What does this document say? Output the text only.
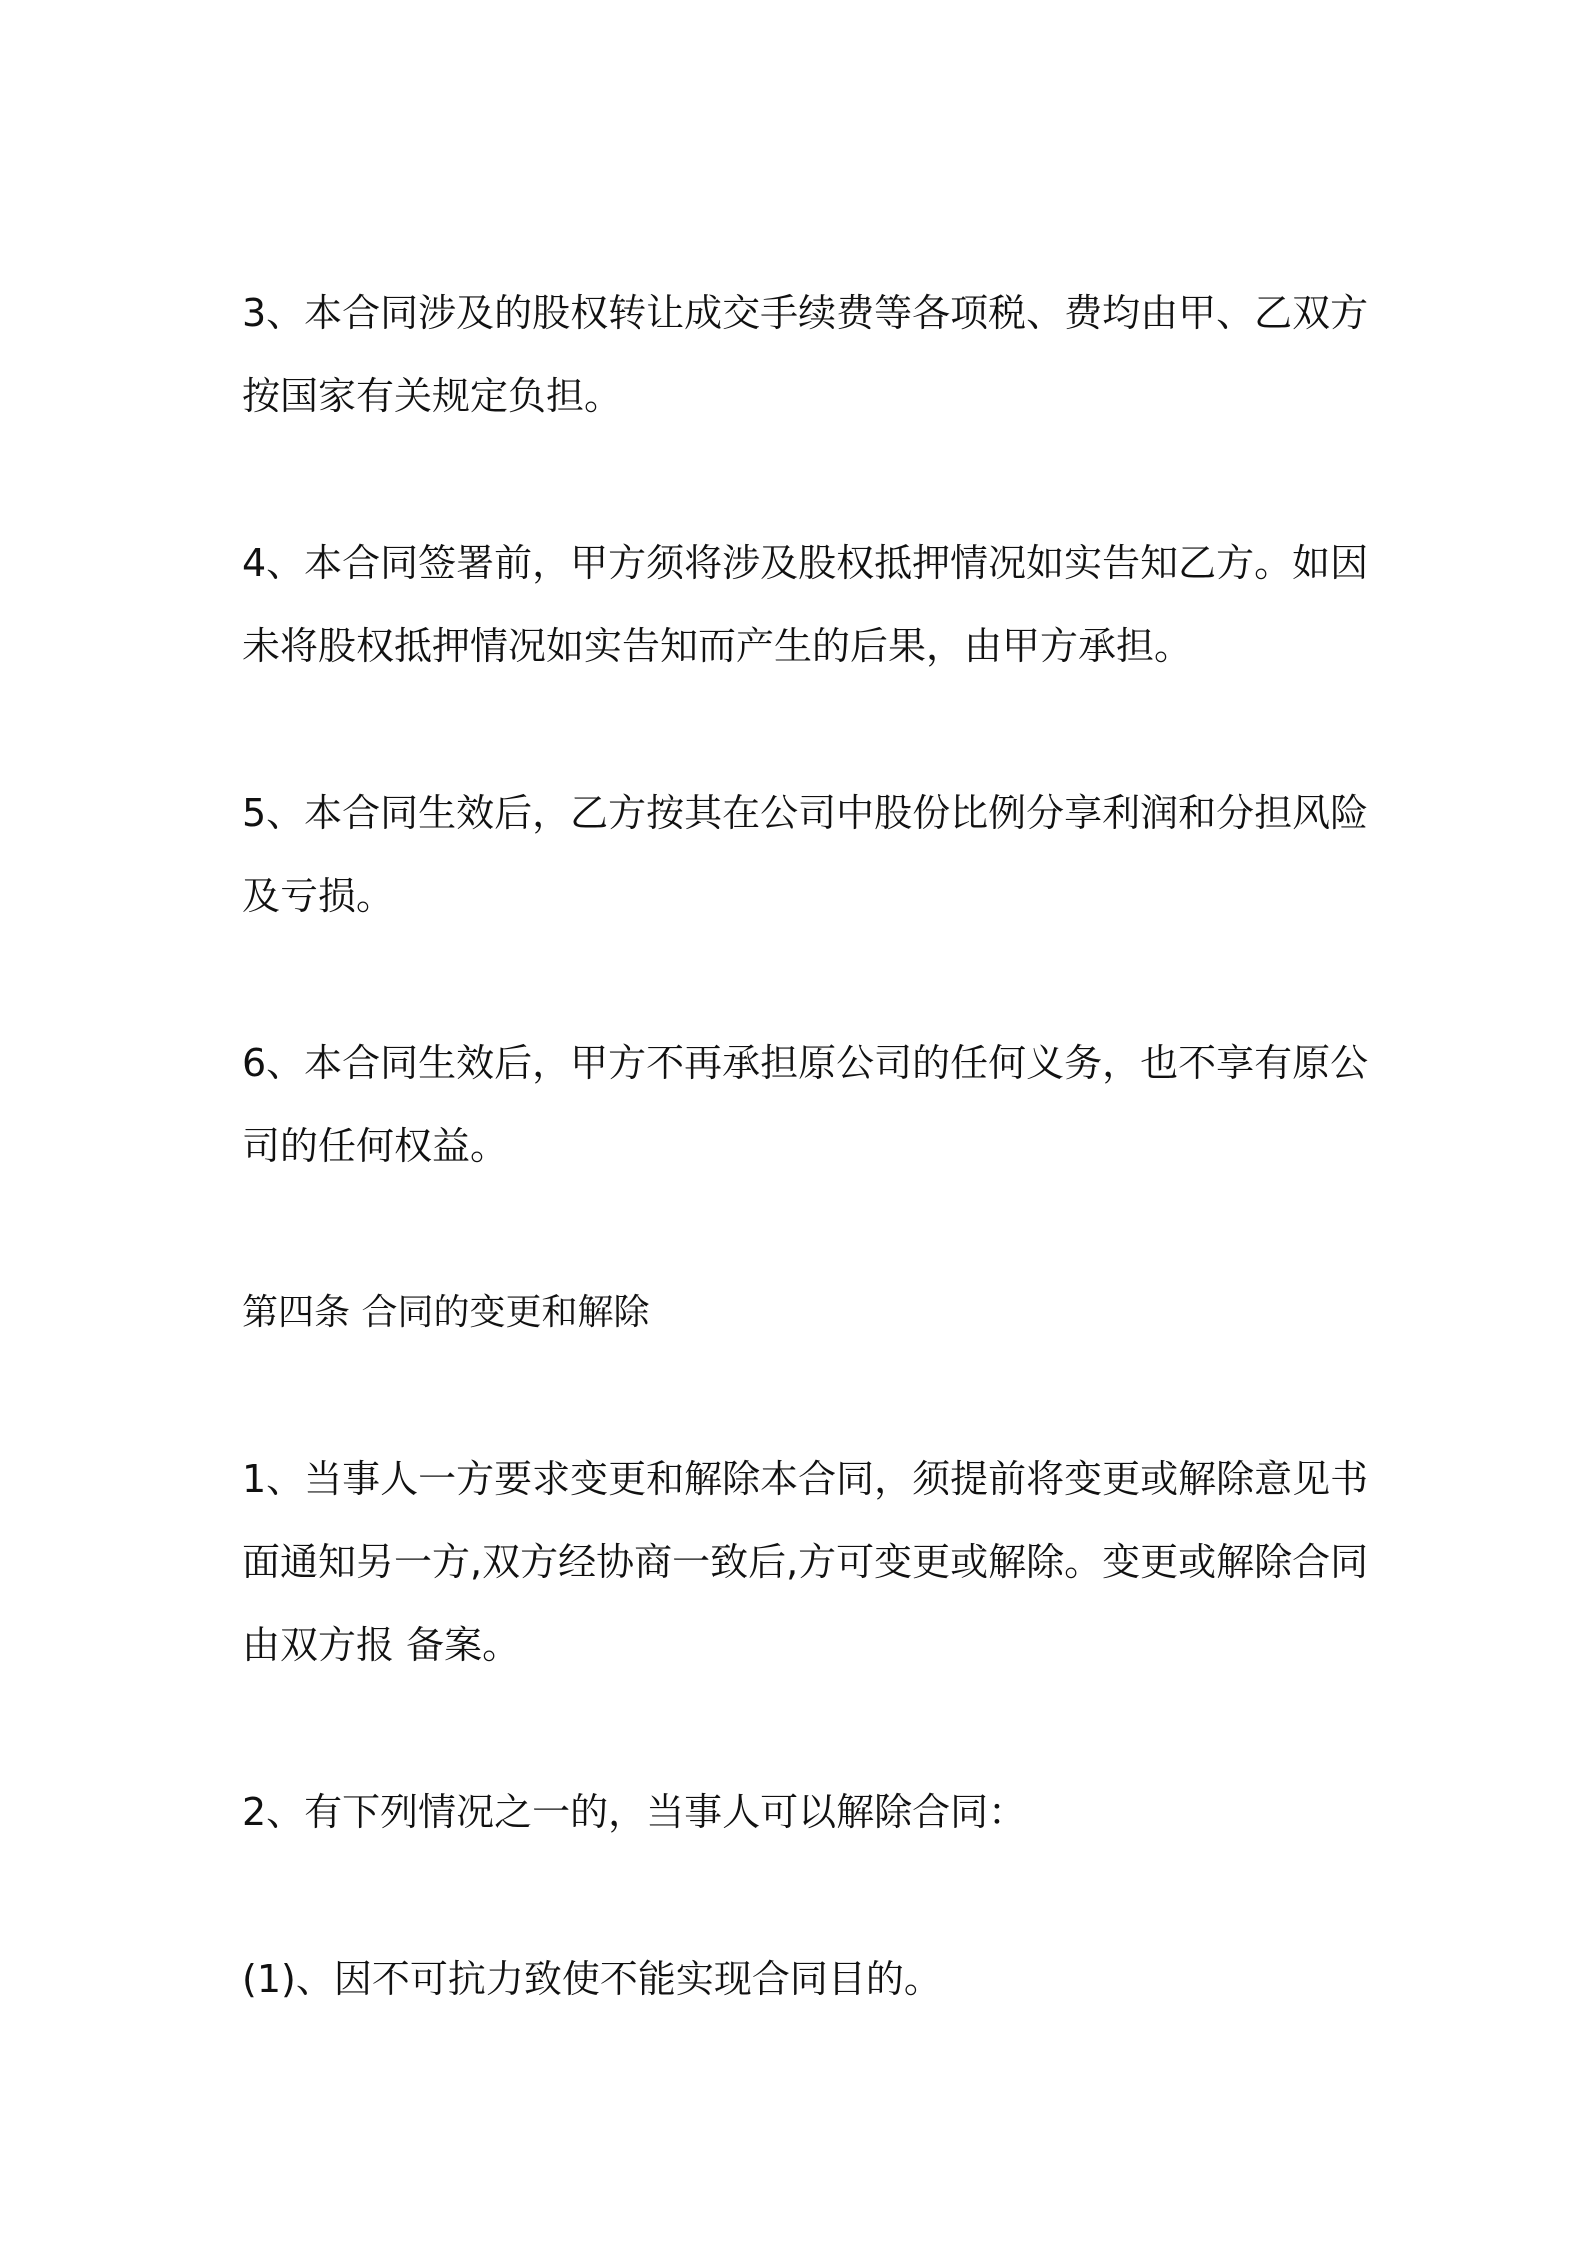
3、本合同涉及的股权转让成交手续费等各项税、费均由甲、乙双方
按国家有关规定负担。
4、本合同签署前，甲方须将涉及股权抵押情况如实告知乙方。如因
未将股权抵押情况如实告知而产生的后果，由甲方承担。
5、本合同生效后，乙方按其在公司中股份比例分享利润和分担风险
及亏损。
6、本合同生效后，甲方不再承担原公司的任何义务，也不享有原公
司的任何权益。
第四条 合同的变更和解除
1、当事人一方要求变更和解除本合同，须提前将变更或解除意见书
面通知另一方,双方经协商一致后,方可变更或解除。变更或解除合同
由双方报 备案。
2、有下列情况之一的，当事人可以解除合同：
(1)、因不可抗力致使不能实现合同目的。
